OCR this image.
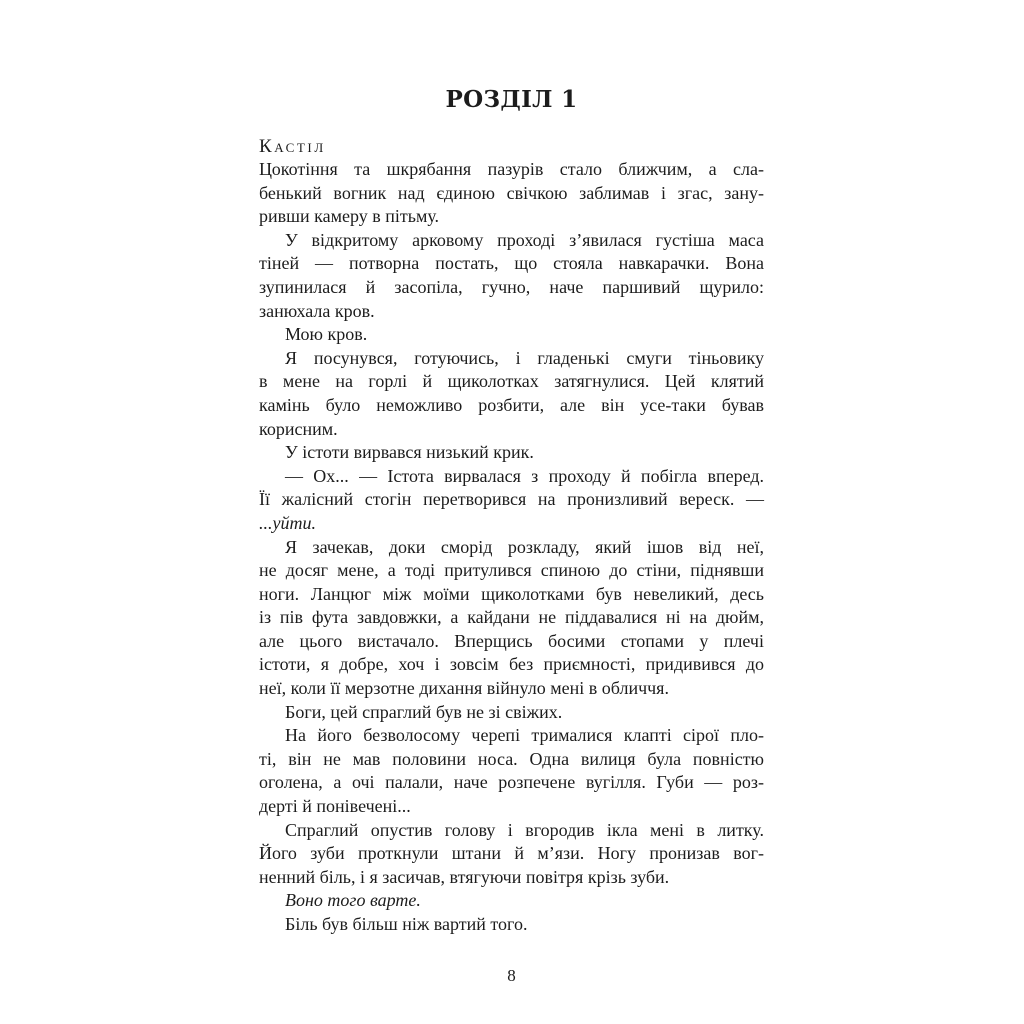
РОЗДІЛ 1

Кастіл

Цокотіння та шкрябання пазурів стало ближчим, а сла-
бенький вогник над єдиною свічкою заблимав і згас, зану-
ривши камеру в пітьму.
У відкритому арковому проході з’явилася густіша маса
тіней — потворна постать, що стояла навкарачки. Вона
зупинилася й засопіла, гучно, наче паршивий щурило:
занюхала кров.
Мою кров.
Я посунувся, готуючись, і гладенькі смуги тіньовику
в мене на горлі й щиколотках затягнулися. Цей клятий
камінь було неможливо розбити, але він усе-таки бував
корисним.
У істоти вирвався низький крик.
— Ох... — Істота вирвалася з проходу й побігла вперед.
Її жалісний стогін перетворився на пронизливий вереск. —
...уйти.
Я зачекав, доки сморід розкладу, який ішов від неї,
не досяг мене, а тоді притулився спиною до стіни, піднявши
ноги. Ланцюг між моїми щиколотками був невеликий, десь
із пів фута завдовжки, а кайдани не піддавалися ні на дюйм,
але цього вистачало. Вперщись босими стопами у плечі
істоти, я добре, хоч і зовсім без приємності, придивився до
неї, коли її мерзотне дихання війнуло мені в обличчя.
Боги, цей спраглий був не зі свіжих.
На його безволосому черепі трималися клапті сірої пло-
ті, він не мав половини носа. Одна вилиця була повністю
оголена, а очі палали, наче розпечене вугілля. Губи — роз-
дерті й понівечені...
Спраглий опустив голову і вгородив ікла мені в литку.
Його зуби проткнули штани й м’язи. Ногу пронизав вог-
ненний біль, і я засичав, втягуючи повітря крізь зуби.
Воно того варте.
Біль був більш ніж вартий того.
8
